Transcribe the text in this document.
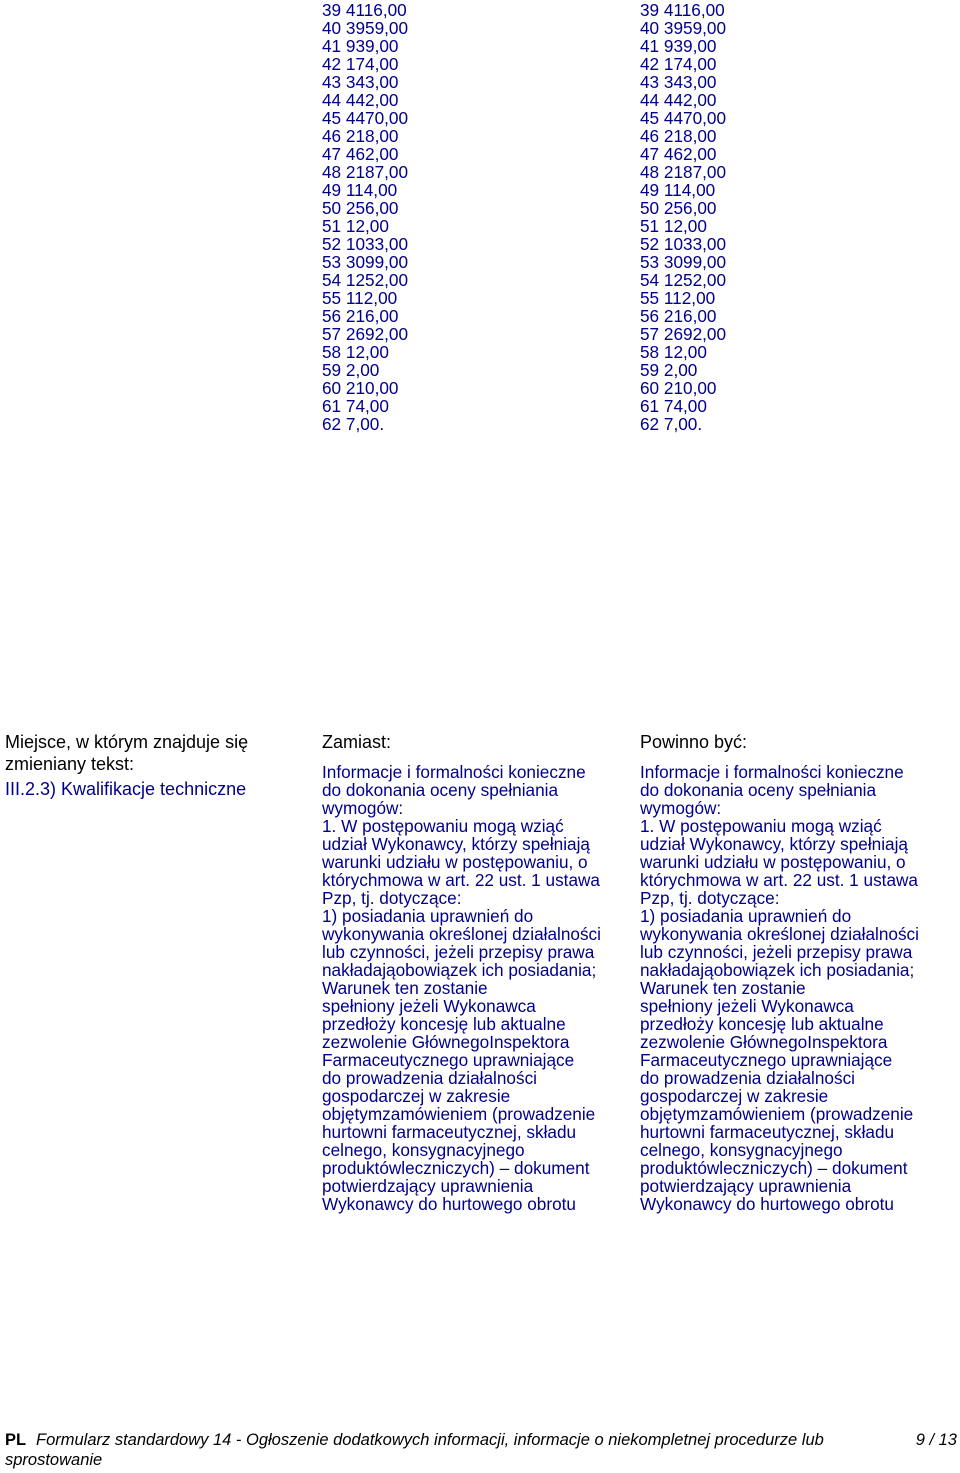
39 4116,00
40 3959,00
41 939,00
42 174,00
43 343,00
44 442,00
45 4470,00
46 218,00
47 462,00
48 2187,00
49 114,00
50 256,00
51 12,00
52 1033,00
53 3099,00
54 1252,00
55 112,00
56 216,00
57 2692,00
58 12,00
59 2,00
60 210,00
61 74,00
62 7,00.
39 4116,00
40 3959,00
41 939,00
42 174,00
43 343,00
44 442,00
45 4470,00
46 218,00
47 462,00
48 2187,00
49 114,00
50 256,00
51 12,00
52 1033,00
53 3099,00
54 1252,00
55 112,00
56 216,00
57 2692,00
58 12,00
59 2,00
60 210,00
61 74,00
62 7,00.
Miejsce, w którym znajduje się zmieniany tekst:
III.2.3) Kwalifikacje techniczne
Zamiast:	Powinno być:
Informacje i formalności konieczne
do dokonania oceny spełniania
wymogów:
1. W postępowaniu mogą wziąć
udział Wykonawcy, którzy spełniają
warunki udziału w postępowaniu, o
którychmowa w art. 22 ust. 1 ustawa
Pzp, tj. dotyczące:
1) posiadania uprawnień do
wykonywania określonej działalności
lub czynności, jeżeli przepisy prawa
nakładająobowiązek ich posiadania;
Warunek ten zostanie
spełniony jeżeli Wykonawca
przedłoży koncesję lub aktualne
zezwolenie GłównegoInspektora
Farmaceutycznego uprawniające
do prowadzenia działalności
gospodarczej w zakresie
objętymzamówieniem (prowadzenie
hurtowni farmaceutycznej, składu
celnego, konsygnacyjnego
produktówleczniczych) – dokument
potwierdzający uprawnienia
Wykonawcy do hurtowego obrotu
Informacje i formalności konieczne
do dokonania oceny spełniania
wymogów:
1. W postępowaniu mogą wziąć
udział Wykonawcy, którzy spełniają
warunki udziału w postępowaniu, o
którychmowa w art. 22 ust. 1 ustawa
Pzp, tj. dotyczące:
1) posiadania uprawnień do
wykonywania określonej działalności
lub czynności, jeżeli przepisy prawa
nakładająobowiązek ich posiadania;
Warunek ten zostanie
spełniony jeżeli Wykonawca
przedłoży koncesję lub aktualne
zezwolenie GłównegoInspektora
Farmaceutycznego uprawniające
do prowadzenia działalności
gospodarczej w zakresie
objętymzamówieniem (prowadzenie
hurtowni farmaceutycznej, składu
celnego, konsygnacyjnego
produktówleczniczych) – dokument
potwierdzający uprawnienia
Wykonawcy do hurtowego obrotu
PL Formularz standardowy 14 - Ogłoszenie dodatkowych informacji, informacje o niekompletnej procedurze lub
sprostowanie
9 / 13
